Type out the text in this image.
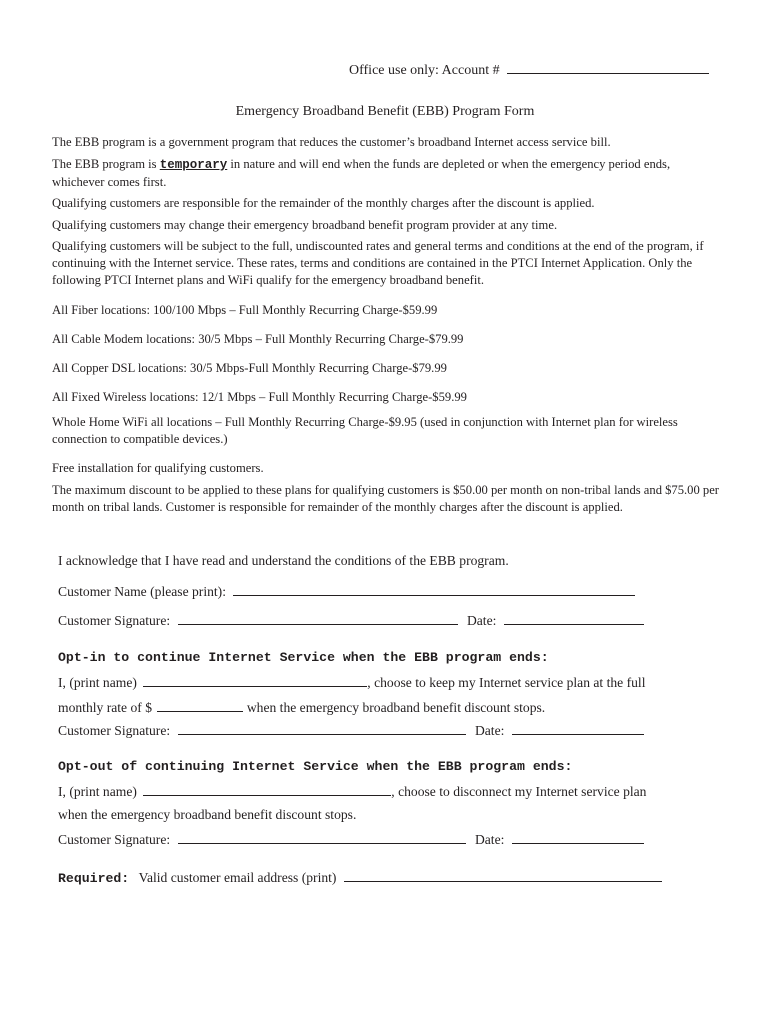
Office use only: Account #
Emergency Broadband Benefit (EBB) Program Form
The EBB program is a government program that reduces the customer’s broadband Internet access service bill.
The EBB program is temporary in nature and will end when the funds are depleted or when the emergency period ends, whichever comes first.
Qualifying customers are responsible for the remainder of the monthly charges after the discount is applied.
Qualifying customers may change their emergency broadband benefit program provider at any time.
Qualifying customers will be subject to the full, undiscounted rates and general terms and conditions at the end of the program, if continuing with the Internet service. These rates, terms and conditions are contained in the PTCI Internet Application. Only the following PTCI Internet plans and WiFi qualify for the emergency broadband benefit.
All Fiber locations: 100/100 Mbps – Full Monthly Recurring Charge-$59.99
All Cable Modem locations: 30/5 Mbps – Full Monthly Recurring Charge-$79.99
All Copper DSL locations: 30/5 Mbps-Full Monthly Recurring Charge-$79.99
All Fixed Wireless locations: 12/1 Mbps – Full Monthly Recurring Charge-$59.99
Whole Home WiFi all locations – Full Monthly Recurring Charge-$9.95 (used in conjunction with Internet plan for wireless connection to compatible devices.)
Free installation for qualifying customers.
The maximum discount to be applied to these plans for qualifying customers is $50.00 per month on non-tribal lands and $75.00 per month on tribal lands. Customer is responsible for remainder of the monthly charges after the discount is applied.
I acknowledge that I have read and understand the conditions of the EBB program.
Customer Name (please print):
Customer Signature:	Date:
Opt-in to continue Internet Service when the EBB program ends:
I, (print name)	, choose to keep my Internet service plan at the full
monthly rate of $	when the emergency broadband benefit discount stops.
Customer Signature:	Date:
Opt-out of continuing Internet Service when the EBB program ends:
I, (print name)	, choose to disconnect my Internet service plan
when the emergency broadband benefit discount stops.
Customer Signature:	Date:
Required: Valid customer email address (print)
